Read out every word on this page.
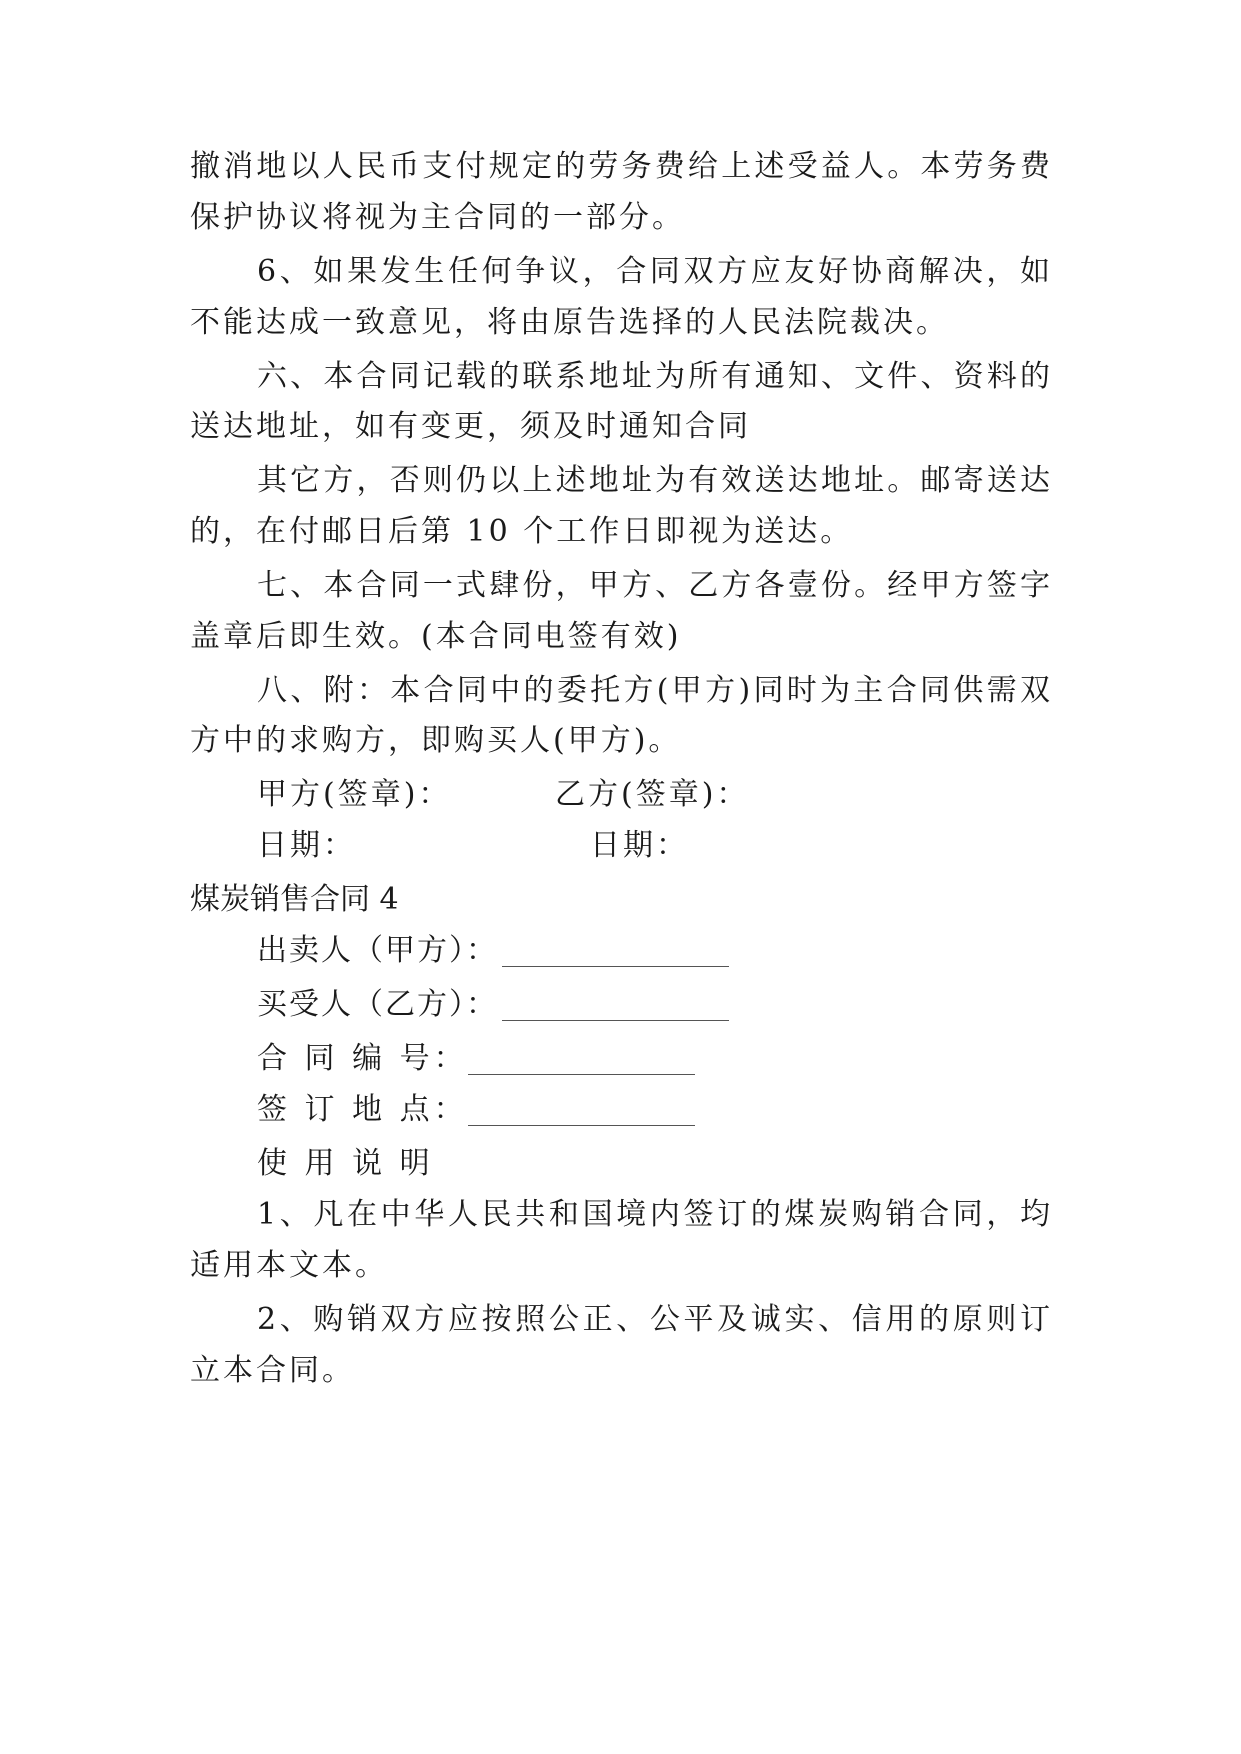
撤消地以人民币支付规定的劳务费给上述受益人。本劳务费
保护协议将视为主合同的一部分。
6、如果发生任何争议，合同双方应友好协商解决，如
不能达成一致意见，将由原告选择的人民法院裁决。
六、本合同记载的联系地址为所有通知、文件、资料的
送达地址，如有变更，须及时通知合同
其它方，否则仍以上述地址为有效送达地址。邮寄送达
的，在付邮日后第 10 个工作日即视为送达。
七、本合同一式肆份，甲方、乙方各壹份。经甲方签字
盖章后即生效。(本合同电签有效)
八、附：本合同中的委托方(甲方)同时为主合同供需双
方中的求购方，即购买人(甲方)。
甲方(签章)：	乙方(签章)：
日期：	日期：
煤炭销售合同 4
出卖人（甲方）：
买受人（乙方）：
合 同 编 号：
签 订 地 点：
使 用 说 明
1、凡在中华人民共和国境内签订的煤炭购销合同，均
适用本文本。
2、购销双方应按照公正、公平及诚实、信用的原则订
立本合同。
